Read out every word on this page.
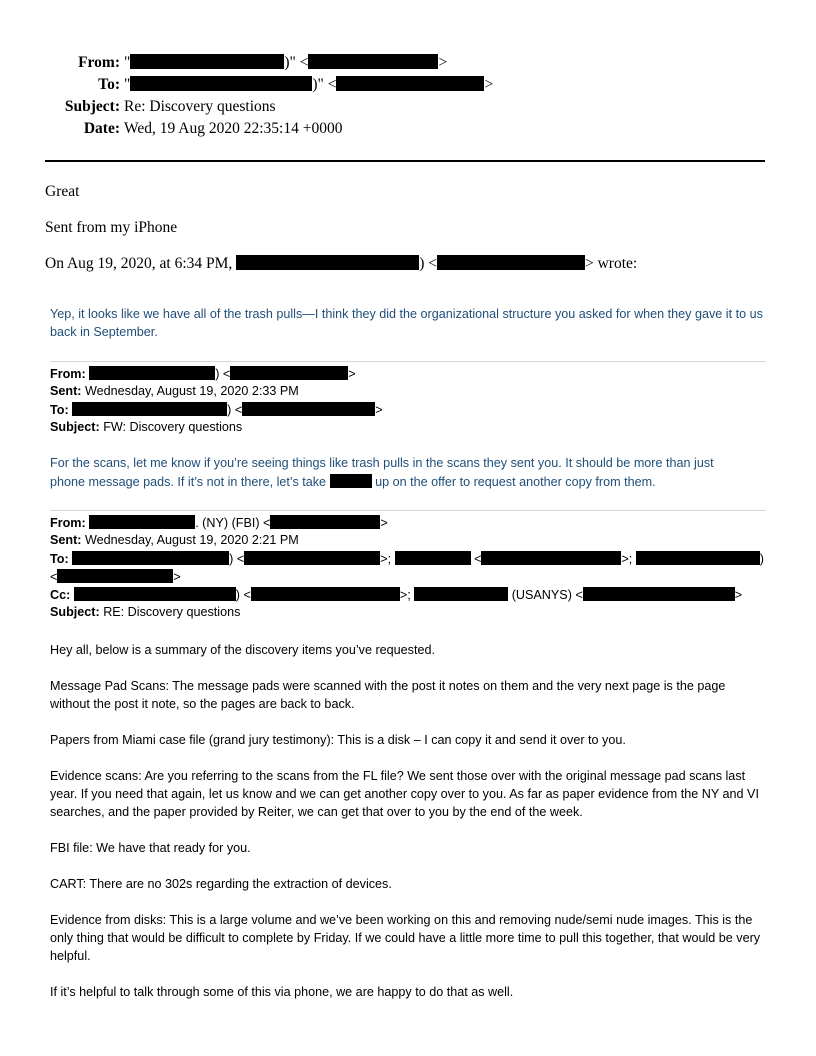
From: "	)" <	>
To: "	)" <	>
Subject: Re: Discovery questions
Date: Wed, 19 Aug 2020 22:35:14 +0000
Great
Sent from my iPhone
On Aug 19, 2020, at 6:34 PM,	) <	> wrote:
Yep, it looks like we have all of the trash pulls—I think they did the organizational structure you asked for when they gave it to us back in September.
From:	) <	>
Sent: Wednesday, August 19, 2020 2:33 PM
To:	) <	>
Subject: FW: Discovery questions
For the scans, let me know if you’re seeing things like trash pulls in the scans they sent you. It should be more than just
phone message pads. If it’s not in there, let’s take	up on the offer to request another copy from them.
From:	. (NY) (FBI) <	>
Sent: Wednesday, August 19, 2020 2:21 PM
To:	) <	>;	<	>;	)
<	>
Cc:	) <	>;	(USANYS) <	>
Subject: RE: Discovery questions
Hey all, below is a summary of the discovery items you’ve requested.
Message Pad Scans: The message pads were scanned with the post it notes on them and the very next page is the page without the post it note, so the pages are back to back.
Papers from Miami case file (grand jury testimony): This is a disk – I can copy it and send it over to you.
Evidence scans: Are you referring to the scans from the FL file? We sent those over with the original message pad scans last year. If you need that again, let us know and we can get another copy over to you. As far as paper evidence from the NY and VI searches, and the paper provided by Reiter, we can get that over to you by the end of the week.
FBI file: We have that ready for you.
CART: There are no 302s regarding the extraction of devices.
Evidence from disks: This is a large volume and we’ve been working on this and removing nude/semi nude images. This is the only thing that would be difficult to complete by Friday. If we could have a little more time to pull this together, that would be very helpful.
If it’s helpful to talk through some of this via phone, we are happy to do that as well.
